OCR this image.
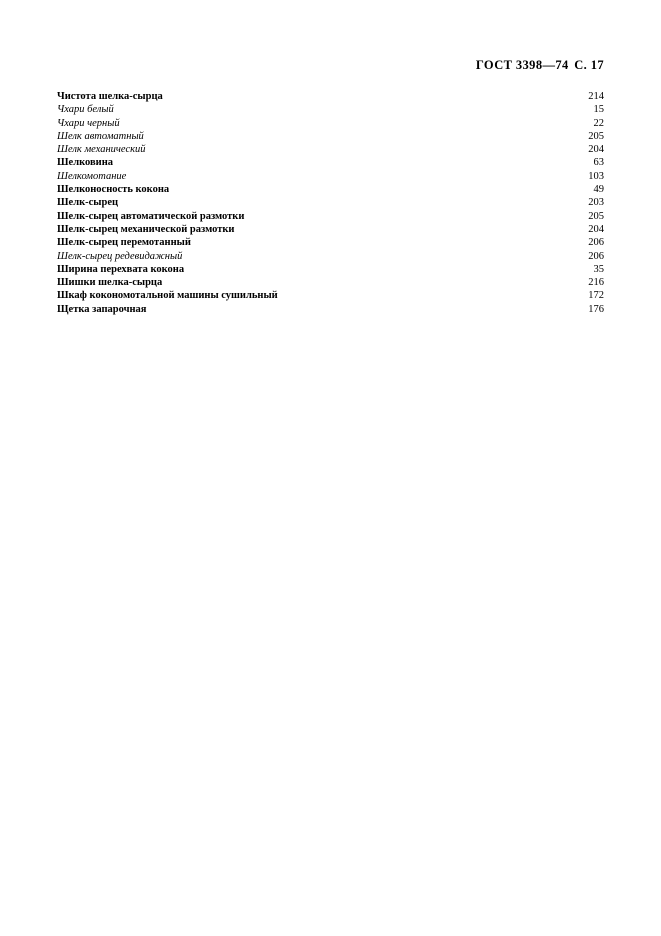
ГОСТ 3398—74 С. 17
Чистота шелка-сырца	214
Чхари белый	15
Чхари черный	22
Шелк автоматный	205
Шелк механический	204
Шелковина	63
Шелкомотание	103
Шелконосность кокона	49
Шелк-сырец	203
Шелк-сырец автоматической размотки	205
Шелк-сырец механической размотки	204
Шелк-сырец перемотанный	206
Шелк-сырец редевидажный	206
Ширина перехвата кокона	35
Шишки шелка-сырца	216
Шкаф кокономотальной машины сушильный	172
Щетка запарочная	176
